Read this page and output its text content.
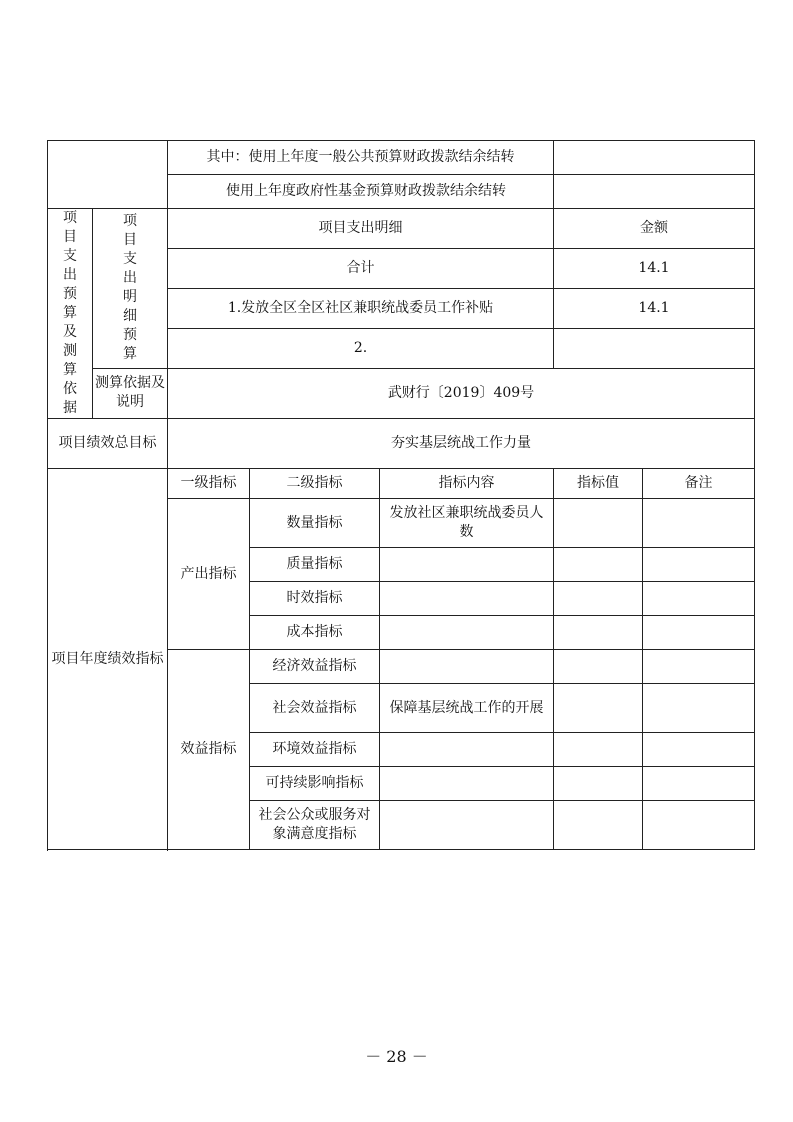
		其中：使用上年度一般公共预算财政拨款结余结转				
		使用上年度政府性基金预算财政拨款结余结转				
项目支出预算及测算依据	项目支出明细预算	项目支出明细			金额	
		合计			14.1	
		1.发放全区全区社区兼职统战委员工作补贴			14.1	
		2.				
	测算依据及说明	武财行〔2019〕409号				

项目绩效总目标		夯实基层统战工作力量				
项目年度绩效指标		一级指标	二级指标	指标内容	指标值	备注
		产出指标	数量指标	发放社区兼职统战委员人数		
			质量指标			
			时效指标			
			成本指标			
		效益指标	经济效益指标			
			社会效益指标	保障基层统战工作的开展		
			环境效益指标			
			可持续影响指标			
			社会公众或服务对象满意度指标			

－ 28 －
